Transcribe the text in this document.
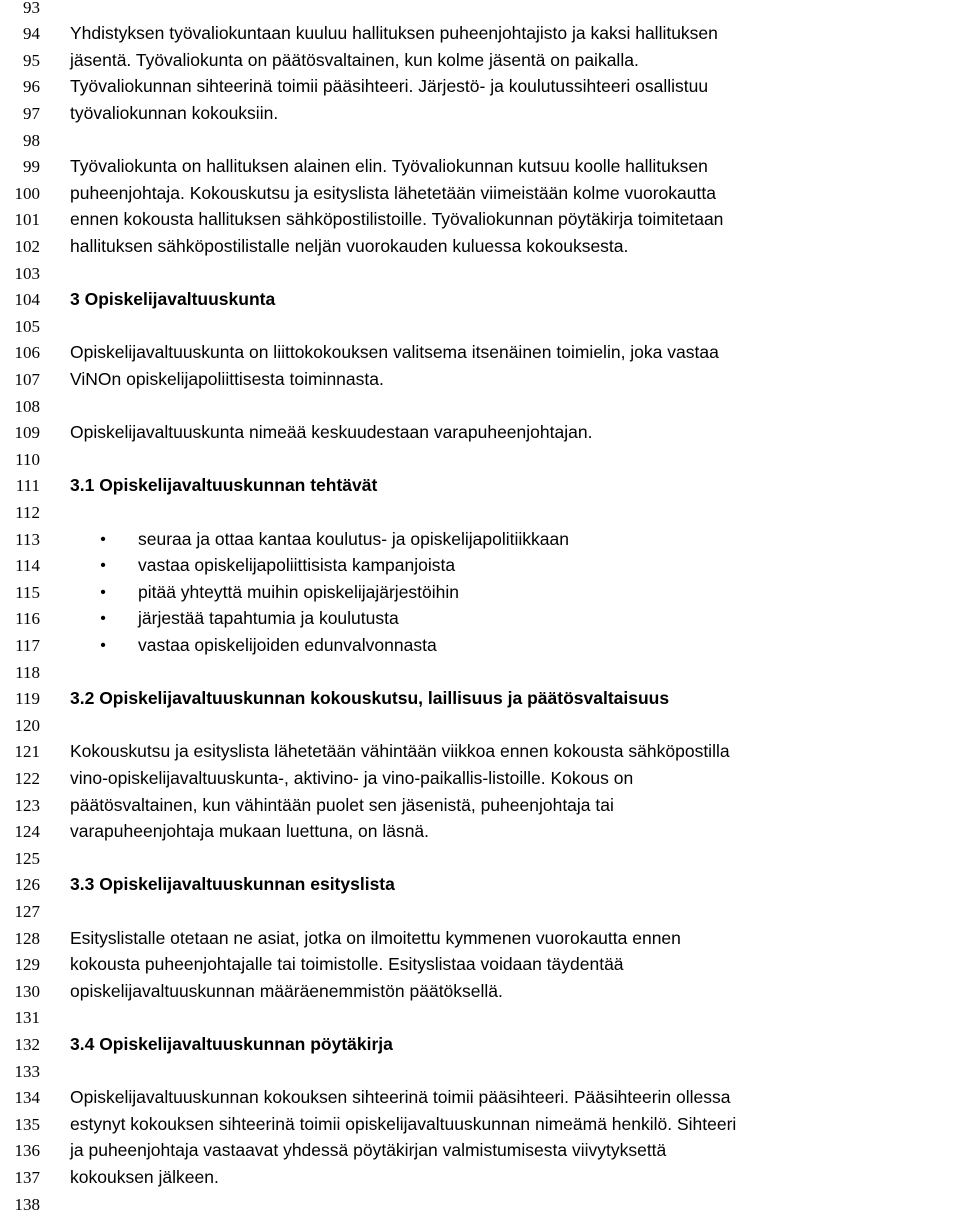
93
94 Yhdistyksen työvaliokuntaan kuuluu hallituksen puheenjohtajisto ja kaksi hallituksen
95 jäsentä. Työvaliokunta on päätösvaltainen, kun kolme jäsentä on paikalla.
96 Työvaliokunnan sihteerinä toimii pääsihteeri. Järjestö- ja koulutussihteeri osallistuu
97 työvaliokunnan kokouksiin.
98
99 Työvaliokunta on hallituksen alainen elin. Työvaliokunnan kutsuu koolle hallituksen
100 puheenjohtaja. Kokouskutsu ja esityslista lähetetään viimeistään kolme vuorokautta
101 ennen kokousta hallituksen sähköpostilistoille. Työvaliokunnan pöytäkirja toimitetaan
102 hallituksen sähköpostilistalle neljän vuorokauden kuluessa kokouksesta.
103
104 3 Opiskelijavaltuuskunta
105
106 Opiskelijavaltuuskunta on liittokokouksen valitsema itsenäinen toimielin, joka vastaa
107 ViNOn opiskelijapoliittisesta toiminnasta.
108
109 Opiskelijavaltuuskunta nimeää keskuudestaan varapuheenjohtajan.
110
111 3.1 Opiskelijavaltuuskunnan tehtävät
112
113	• seuraa ja ottaa kantaa koulutus- ja opiskelijapolitiikkaan
114	• vastaa opiskelijapoliittisista kampanjoista
115	• pitää yhteyttä muihin opiskelijajärjestöihin
116	• järjestää tapahtumia ja koulutusta
117	• vastaa opiskelijoiden edunvalvonnasta
118
119 3.2 Opiskelijavaltuuskunnan kokouskutsu, laillisuus ja päätösvaltaisuus
120
121 Kokouskutsu ja esityslista lähetetään vähintään viikkoa ennen kokousta sähköpostilla
122 vino-opiskelijavaltuuskunta-, aktivino- ja vino-paikallis-listoille. Kokous on
123 päätösvaltainen, kun vähintään puolet sen jäsenistä, puheenjohtaja tai
124 varapuheenjohtaja mukaan luettuna, on läsnä.
125
126 3.3 Opiskelijavaltuuskunnan esityslista
127
128 Esityslistalle otetaan ne asiat, jotka on ilmoitettu kymmenen vuorokautta ennen
129 kokousta puheenjohtajalle tai toimistolle. Esityslistaa voidaan täydentää
130 opiskelijavaltuuskunnan määräenemmistön päätöksellä.
131
132 3.4 Opiskelijavaltuuskunnan pöytäkirja
133
134 Opiskelijavaltuuskunnan kokouksen sihteerinä toimii pääsihteeri. Pääsihteerin ollessa
135 estynyt kokouksen sihteerinä toimii opiskelijavaltuuskunnan nimeämä henkilö. Sihteeri
136 ja puheenjohtaja vastaavat yhdessä pöytäkirjan valmistumisesta viivytyksettä
137 kokouksen jälkeen.
138
